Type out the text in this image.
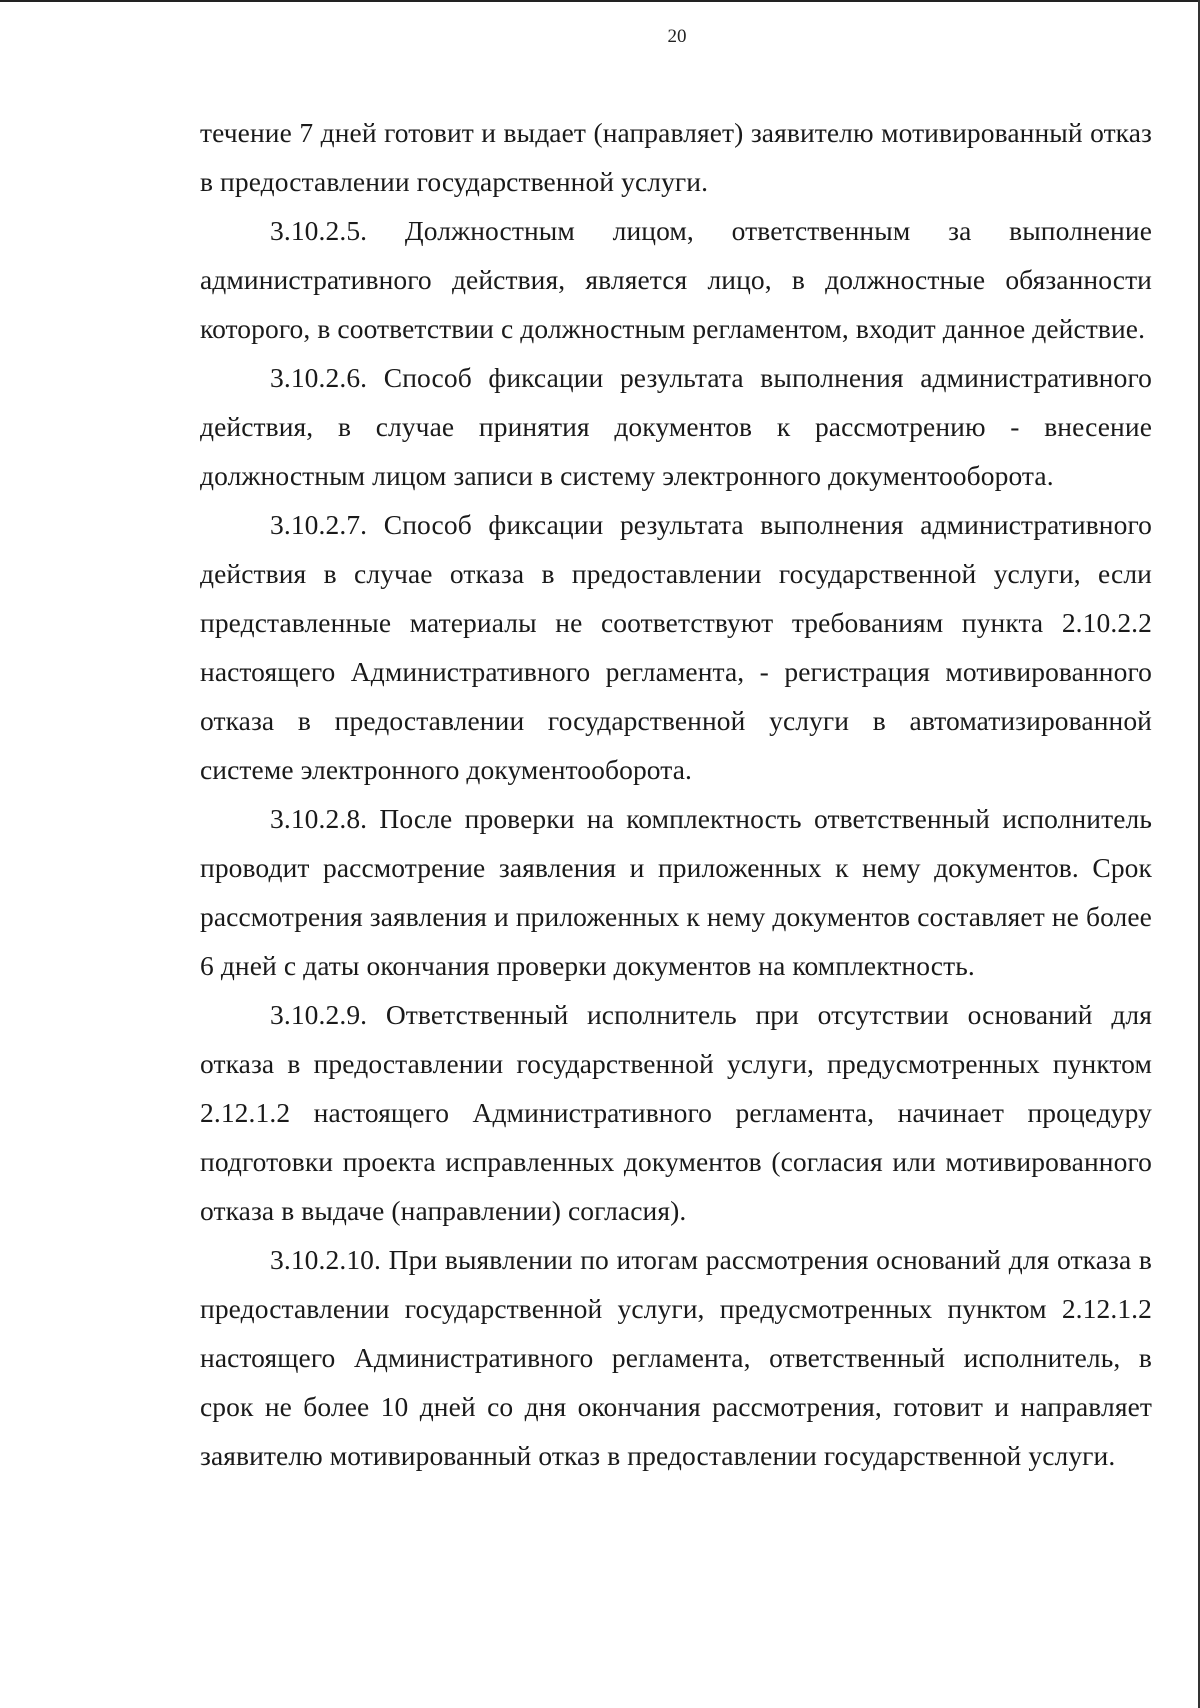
20

течение 7 дней готовит и выдает (направляет) заявителю мотивированный отказ в предоставлении государственной услуги.

3.10.2.5. Должностным лицом, ответственным за выполнение административного действия, является лицо, в должностные обязанности которого, в соответствии с должностным регламентом, входит данное действие.

3.10.2.6. Способ фиксации результата выполнения административного действия, в случае принятия документов к рассмотрению - внесение должностным лицом записи в систему электронного документооборота.

3.10.2.7. Способ фиксации результата выполнения административного действия в случае отказа в предоставлении государственной услуги, если представленные материалы не соответствуют требованиям пункта 2.10.2.2 настоящего Административного регламента, - регистрация мотивированного отказа в предоставлении государственной услуги в автоматизированной системе электронного документооборота.

3.10.2.8. После проверки на комплектность ответственный исполнитель проводит рассмотрение заявления и приложенных к нему документов. Срок рассмотрения заявления и приложенных к нему документов составляет не более 6 дней с даты окончания проверки документов на комплектность.

3.10.2.9. Ответственный исполнитель при отсутствии оснований для отказа в предоставлении государственной услуги, предусмотренных пунктом 2.12.1.2 настоящего Административного регламента, начинает процедуру подготовки проекта исправленных документов (согласия или мотивированного отказа в выдаче (направлении) согласия).

3.10.2.10. При выявлении по итогам рассмотрения оснований для отказа в предоставлении государственной услуги, предусмотренных пунктом 2.12.1.2 настоящего Административного регламента, ответственный исполнитель, в срок не более 10 дней со дня окончания рассмотрения, готовит и направляет заявителю мотивированный отказ в предоставлении государственной услуги.
